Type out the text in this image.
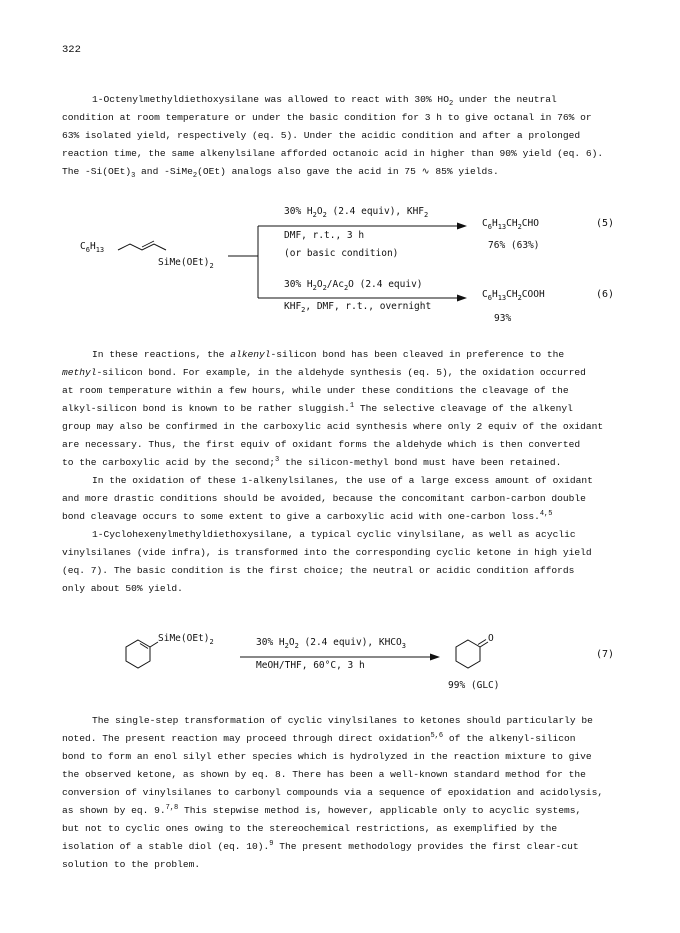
322

1-Octenylmethyldiethoxysilane was allowed to react with 30% $HO_2$ under the neutral

condition at room temperature or under the basic condition for 3 h to give octanal in 76% or

63% isolated yield, respectively (eq. 5). Under the acidic condition and after a prolonged

reaction time, the same alkenylsilane afforded octanoic acid in higher than 90% yield (eq. 6).

The $-Si(OEt)_3$ and -SiMe$_2$(OEt) analogs also gave the acid in 75 ∿ 85% yields.

$C_6H_{13}$
$SiMe(OEt)_2$
30% $H_2O_2$ (2.4 equiv), $KHF_2$
DMF, r.t., 3 h
(or basic condition)
$C_6H_{13}CH_2CHO$
76% (63%)
(5)
30% $H_2O_2/Ac_2O$ (2.4 equiv)
$KHF_2$, DMF, r.t., overnight
$C_6H_{13}CH_2COOH$
93%
(6)

In these reactions, the alkenyl-silicon bond has been cleaved in preference to the

methyl-silicon bond. For example, in the aldehyde synthesis (eq. 5), the oxidation occurred

at room temperature within a few hours, while under these conditions the cleavage of the

alkyl-silicon bond is known to be rather sluggish.$^1$ The selective cleavage of the alkenyl

group may also be confirmed in the carboxylic acid synthesis where only 2 equiv of the oxidant

are necessary. Thus, the first equiv of oxidant forms the aldehyde which is then converted

to the carboxylic acid by the second;$^3$ the silicon-methyl bond must have been retained.

In the oxidation of these 1-alkenylsilanes, the use of a large excess amount of oxidant

and more drastic conditions should be avoided, because the concomitant carbon-carbon double

bond cleavage occurs to some extent to give a carboxylic acid with one-carbon loss.$^{4,5}$

1-Cyclohexenylmethyldiethoxysilane, a typical cyclic vinylsilane, as well as acyclic

vinylsilanes (vide infra), is transformed into the corresponding cyclic ketone in high yield

(eq. 7). The basic condition is the first choice; the neutral or acidic condition affords

only about 50% yield.

$SiMe(OEt)_2$	30% $H_2O_2$ (2.4 equiv), $KHCO_3$
MeOH/THF, 60°C, 3 h
O
99% (GLC)
(7)

The single-step transformation of cyclic vinylsilanes to ketones should particularly be

noted. The present reaction may proceed through direct oxidation$^{5,6}$ of the alkenyl-silicon

bond to form an enol silyl ether species which is hydrolyzed in the reaction mixture to give

the observed ketone, as shown by eq. 8. There has been a well-known standard method for the

conversion of vinylsilanes to carbonyl compounds via a sequence of epoxidation and acidolysis,

as shown by eq. 9.$^{7,8}$ This stepwise method is, however, applicable only to acyclic systems,

but not to cyclic ones owing to the stereochemical restrictions, as exemplified by the

isolation of a stable diol (eq. 10).$^9$ The present methodology provides the first clear-cut

solution to the problem.
